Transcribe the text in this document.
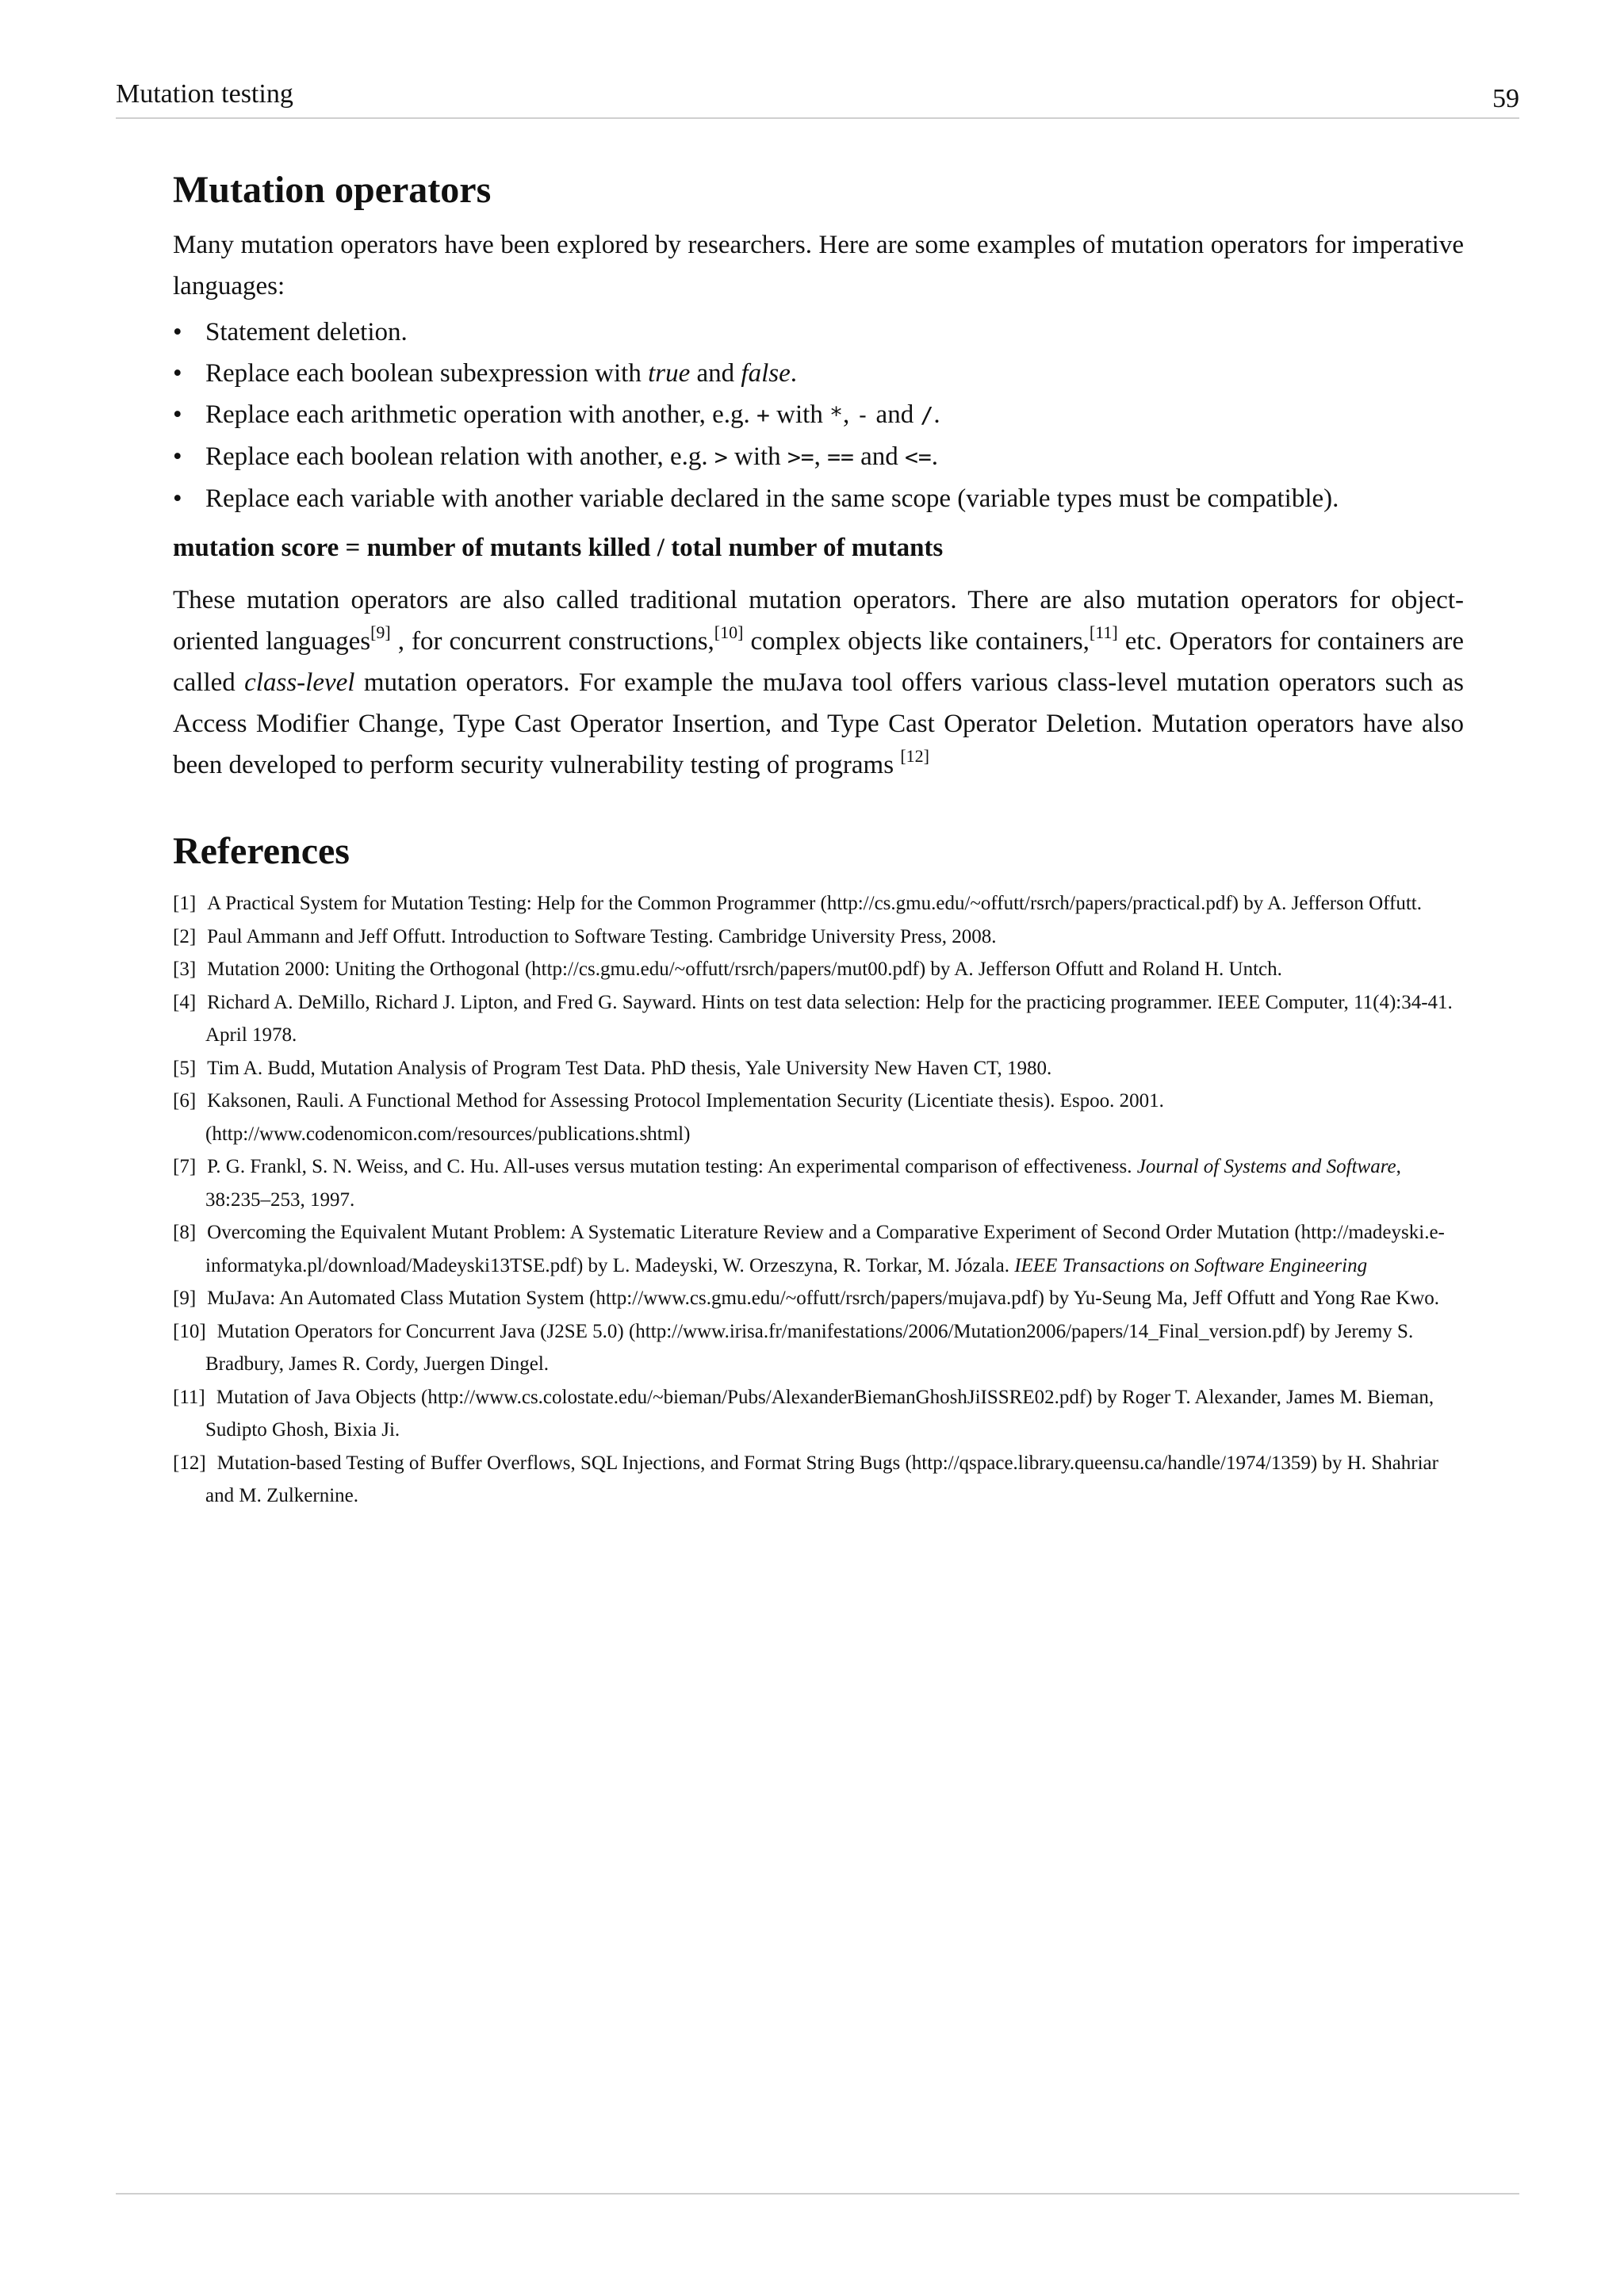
Mutation testing	59
Mutation operators

Many mutation operators have been explored by researchers. Here are some examples of mutation operators for imperative languages:

• Statement deletion.
• Replace each boolean subexpression with true and false.
• Replace each arithmetic operation with another, e.g. + with *, - and /.
• Replace each boolean relation with another, e.g. > with >=, == and <=.
• Replace each variable with another variable declared in the same scope (variable types must be compatible).
mutation score = number of mutants killed / total number of mutants

These mutation operators are also called traditional mutation operators. There are also mutation operators for object-oriented languages[9] , for concurrent constructions,[10] complex objects like containers,[11] etc. Operators for containers are called class-level mutation operators. For example the muJava tool offers various class-level mutation operators such as Access Modifier Change, Type Cast Operator Insertion, and Type Cast Operator Deletion. Mutation operators have also been developed to perform security vulnerability testing of programs [12]

References
[1] A Practical System for Mutation Testing: Help for the Common Programmer (http://cs.gmu.edu/~offutt/rsrch/papers/practical.pdf) by A. Jefferson Offutt.
[2] Paul Ammann and Jeff Offutt. Introduction to Software Testing. Cambridge University Press, 2008.
[3] Mutation 2000: Uniting the Orthogonal (http://cs.gmu.edu/~offutt/rsrch/papers/mut00.pdf) by A. Jefferson Offutt and Roland H. Untch.
[4] Richard A. DeMillo, Richard J. Lipton, and Fred G. Sayward. Hints on test data selection: Help for the practicing programmer. IEEE Computer, 11(4):34-41. April 1978.
[5] Tim A. Budd, Mutation Analysis of Program Test Data. PhD thesis, Yale University New Haven CT, 1980.
[6] Kaksonen, Rauli. A Functional Method for Assessing Protocol Implementation Security (Licentiate thesis). Espoo. 2001. (http://www.codenomicon.com/resources/publications.shtml)
[7] P. G. Frankl, S. N. Weiss, and C. Hu. All-uses versus mutation testing: An experimental comparison of effectiveness. Journal of Systems and Software, 38:235–253, 1997.
[8] Overcoming the Equivalent Mutant Problem: A Systematic Literature Review and a Comparative Experiment of Second Order Mutation (http://madeyski.e-informatyka.pl/download/Madeyski13TSE.pdf) by L. Madeyski, W. Orzeszyna, R. Torkar, M. Józala. IEEE Transactions on Software Engineering
[9] MuJava: An Automated Class Mutation System (http://www.cs.gmu.edu/~offutt/rsrch/papers/mujava.pdf) by Yu-Seung Ma, Jeff Offutt and Yong Rae Kwo.
[10] Mutation Operators for Concurrent Java (J2SE 5.0) (http://www.irisa.fr/manifestations/2006/Mutation2006/papers/14_Final_version.pdf) by Jeremy S. Bradbury, James R. Cordy, Juergen Dingel.
[11] Mutation of Java Objects (http://www.cs.colostate.edu/~bieman/Pubs/AlexanderBiemanGhoshJiISSRE02.pdf) by Roger T. Alexander, James M. Bieman, Sudipto Ghosh, Bixia Ji.
[12] Mutation-based Testing of Buffer Overflows, SQL Injections, and Format String Bugs (http://qspace.library.queensu.ca/handle/1974/1359) by H. Shahriar and M. Zulkernine.
